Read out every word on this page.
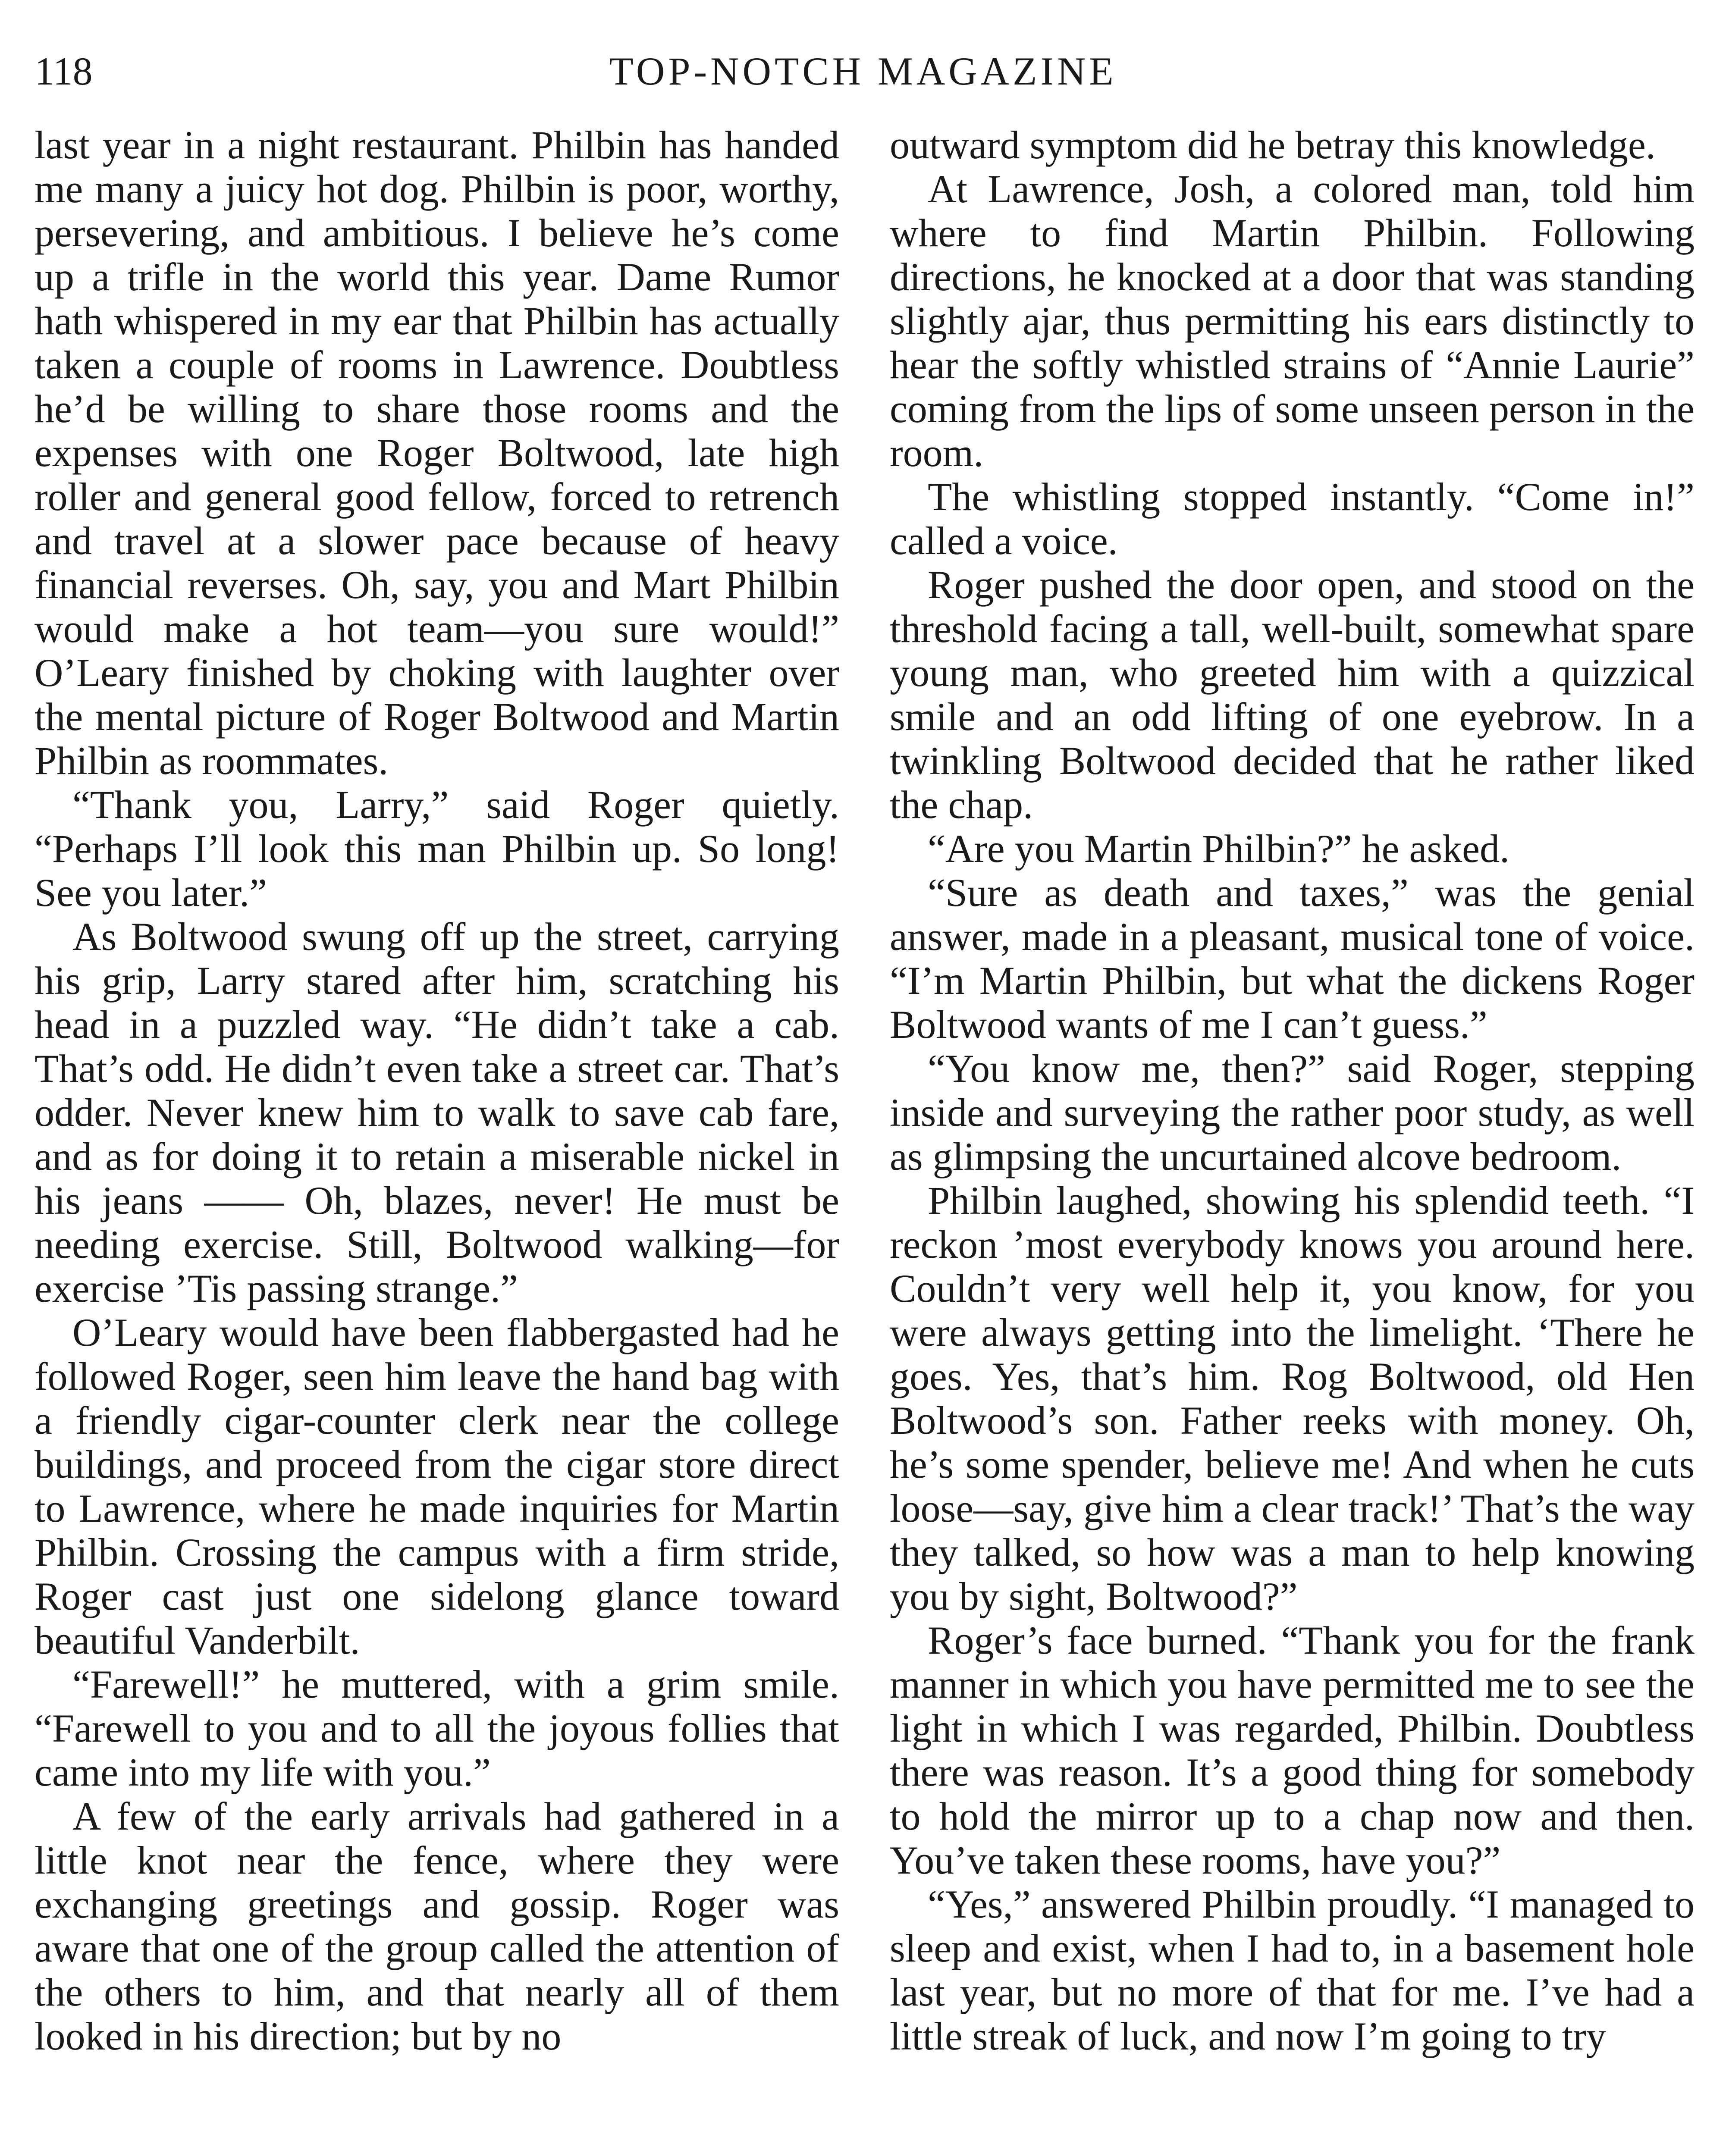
118	TOP-NOTCH MAGAZINE

last year in a night restaurant. Philbin has handed me many a juicy hot dog. Philbin is poor, worthy, persevering, and ambitious. I believe he’s come up a trifle in the world this year. Dame Rumor hath whispered in my ear that Philbin has actually taken a couple of rooms in Lawrence. Doubtless he’d be willing to share those rooms and the expenses with one Roger Boltwood, late high roller and general good fellow, forced to retrench and travel at a slower pace because of heavy financial reverses. Oh, say, you and Mart Philbin would make a hot team—you sure would!” O’Leary finished by choking with laughter over the mental picture of Roger Boltwood and Martin Philbin as roommates.

“Thank you, Larry,” said Roger quietly. “Perhaps I’ll look this man Philbin up. So long! See you later.”

As Boltwood swung off up the street, carrying his grip, Larry stared after him, scratching his head in a puzzled way. “He didn’t take a cab. That’s odd. He didn’t even take a street car. That’s odder. Never knew him to walk to save cab fare, and as for doing it to retain a miserable nickel in his jeans —— Oh, blazes, never! He must be needing exercise. Still, Boltwood walking—for exercise ’Tis passing strange.”

O’Leary would have been flabbergasted had he followed Roger, seen him leave the hand bag with a friendly cigar-counter clerk near the college buildings, and proceed from the cigar store direct to Lawrence, where he made inquiries for Martin Philbin. Crossing the campus with a firm stride, Roger cast just one sidelong glance toward beautiful Vanderbilt.

“Farewell!” he muttered, with a grim smile. “Farewell to you and to all the joyous follies that came into my life with you.”

A few of the early arrivals had gathered in a little knot near the fence, where they were exchanging greetings and gossip. Roger was aware that one of the group called the attention of the others to him, and that nearly all of them looked in his direction; but by no

outward symptom did he betray this knowledge.

At Lawrence, Josh, a colored man, told him where to find Martin Philbin. Following directions, he knocked at a door that was standing slightly ajar, thus permitting his ears distinctly to hear the softly whistled strains of “Annie Laurie” coming from the lips of some unseen person in the room.

The whistling stopped instantly. “Come in!” called a voice.

Roger pushed the door open, and stood on the threshold facing a tall, well-built, somewhat spare young man, who greeted him with a quizzical smile and an odd lifting of one eyebrow. In a twinkling Boltwood decided that he rather liked the chap.

“Are you Martin Philbin?” he asked.

“Sure as death and taxes,” was the genial answer, made in a pleasant, musical tone of voice. “I’m Martin Philbin, but what the dickens Roger Boltwood wants of me I can’t guess.”

“You know me, then?” said Roger, stepping inside and surveying the rather poor study, as well as glimpsing the uncurtained alcove bedroom.

Philbin laughed, showing his splendid teeth. “I reckon ’most everybody knows you around here. Couldn’t very well help it, you know, for you were always getting into the limelight. ‘There he goes. Yes, that’s him. Rog Boltwood, old Hen Boltwood’s son. Father reeks with money. Oh, he’s some spender, believe me! And when he cuts loose—say, give him a clear track!’ That’s the way they talked, so how was a man to help knowing you by sight, Boltwood?”

Roger’s face burned. “Thank you for the frank manner in which you have permitted me to see the light in which I was regarded, Philbin. Doubtless there was reason. It’s a good thing for somebody to hold the mirror up to a chap now and then. You’ve taken these rooms, have you?”

“Yes,” answered Philbin proudly. “I managed to sleep and exist, when I had to, in a basement hole last year, but no more of that for me. I’ve had a little streak of luck, and now I’m going to try
